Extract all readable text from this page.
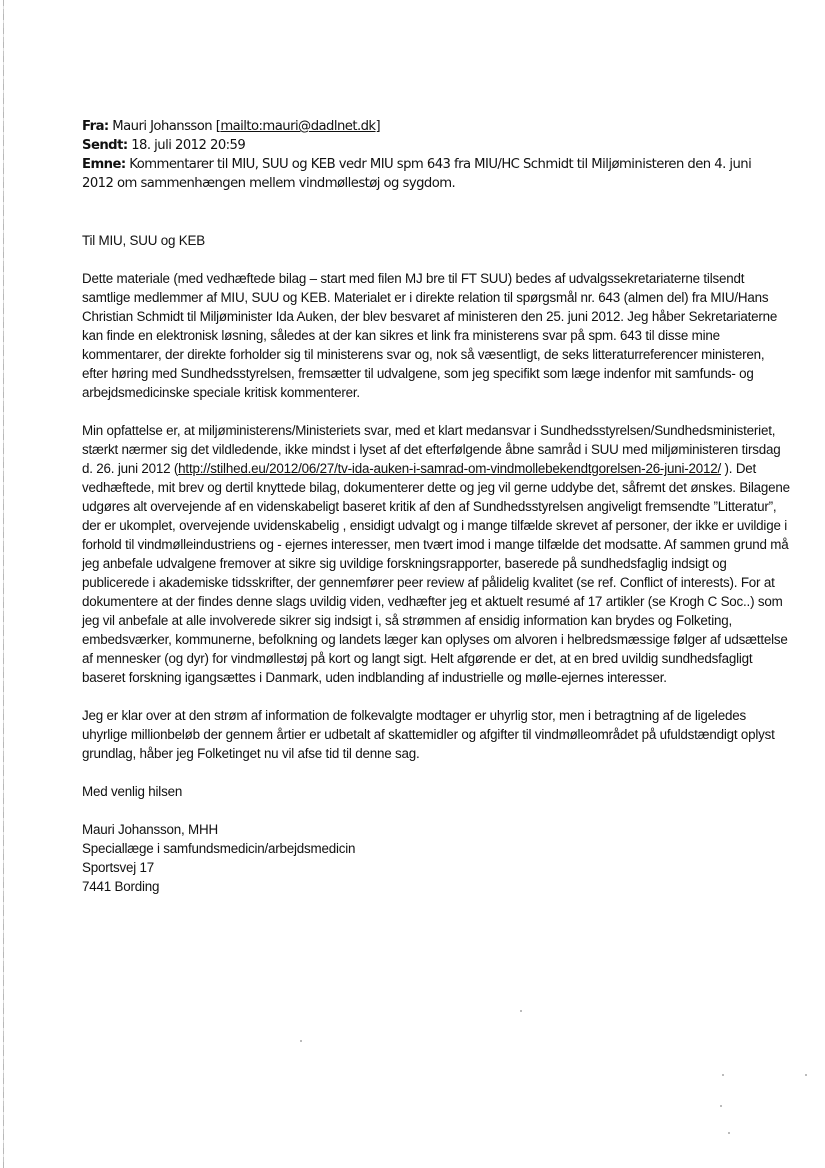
Fra: Mauri Johansson [mailto:mauri@dadlnet.dk]
Sendt: 18. juli 2012 20:59
Emne: Kommentarer til MIU, SUU og KEB vedr MIU spm 643 fra MIU/HC Schmidt til Miljøministeren den 4. juni 2012 om sammenhængen mellem vindmøllestøj og sygdom.

Til MIU, SUU og KEB

Dette materiale (med vedhæftede bilag – start med filen MJ bre til FT SUU) bedes af udvalgssekretariaterne tilsendt samtlige medlemmer af MIU, SUU og KEB. Materialet er i direkte relation til spørgsmål nr. 643 (almen del) fra MIU/Hans Christian Schmidt til Miljøminister Ida Auken, der blev besvaret af ministeren den 25. juni 2012. Jeg håber Sekretariaterne kan finde en elektronisk løsning, således at der kan sikres et link fra ministerens svar på spm. 643 til disse mine kommentarer, der direkte forholder sig til ministerens svar og, nok så væsentligt, de seks litteraturreferencer ministeren, efter høring med Sundhedsstyrelsen, fremsætter til udvalgene, som jeg specifikt som læge indenfor mit samfunds- og arbejdsmedicinske speciale kritisk kommenterer.

Min opfattelse er, at miljøministerens/Ministeriets svar, med et klart medansvar i Sundhedsstyrelsen/Sundhedsministeriet, stærkt nærmer sig det vildledende, ikke mindst i lyset af det efterfølgende åbne samråd i SUU med miljøministeren tirsdag d. 26. juni 2012 (http://stilhed.eu/2012/06/27/tv-ida-auken-i-samrad-om-vindmollebekendtgorelsen-26-juni-2012/ ). Det vedhæftede, mit brev og dertil knyttede bilag, dokumenterer dette og jeg vil gerne uddybe det, såfremt det ønskes. Bilagene udgøres alt overvejende af en videnskabeligt baseret kritik af den af Sundhedsstyrelsen angiveligt fremsendte ”Litteratur”, der er ukomplet, overvejende uvidenskabelig , ensidigt udvalgt og i mange tilfælde skrevet af personer, der ikke er uvildige i forhold til vindmølleindustriens og - ejernes interesser, men tvært imod i mange tilfælde det modsatte. Af sammen grund må jeg anbefale udvalgene fremover at sikre sig uvildige forskningsrapporter, baserede på sundhedsfaglig indsigt og publicerede i akademiske tidsskrifter, der gennemfører peer review af pålidelig kvalitet (se ref. Conflict of interests). For at dokumentere at der findes denne slags uvildig viden, vedhæfter jeg et aktuelt resumé af 17 artikler (se Krogh C Soc..) som jeg vil anbefale at alle involverede sikrer sig indsigt i, så strømmen af ensidig information kan brydes og Folketing, embedsværker, kommunerne, befolkning og landets læger kan oplyses om alvoren i helbredsmæssige følger af udsættelse af mennesker (og dyr) for vindmøllestøj på kort og langt sigt. Helt afgørende er det, at en bred uvildig sundhedsfagligt baseret forskning igangsættes i Danmark, uden indblanding af industrielle og mølle-ejernes interesser.

Jeg er klar over at den strøm af information de folkevalgte modtager er uhyrlig stor, men i betragtning af de ligeledes uhyrlige millionbeløb der gennem årtier er udbetalt af skattemidler og afgifter til vindmølleområdet på ufuldstændigt oplyst grundlag, håber jeg Folketinget nu vil afse tid til denne sag.

Med venlig hilsen

Mauri Johansson, MHH

Speciallæge i samfundsmedicin/arbejdsmedicin

Sportsvej 17

7441 Bording
